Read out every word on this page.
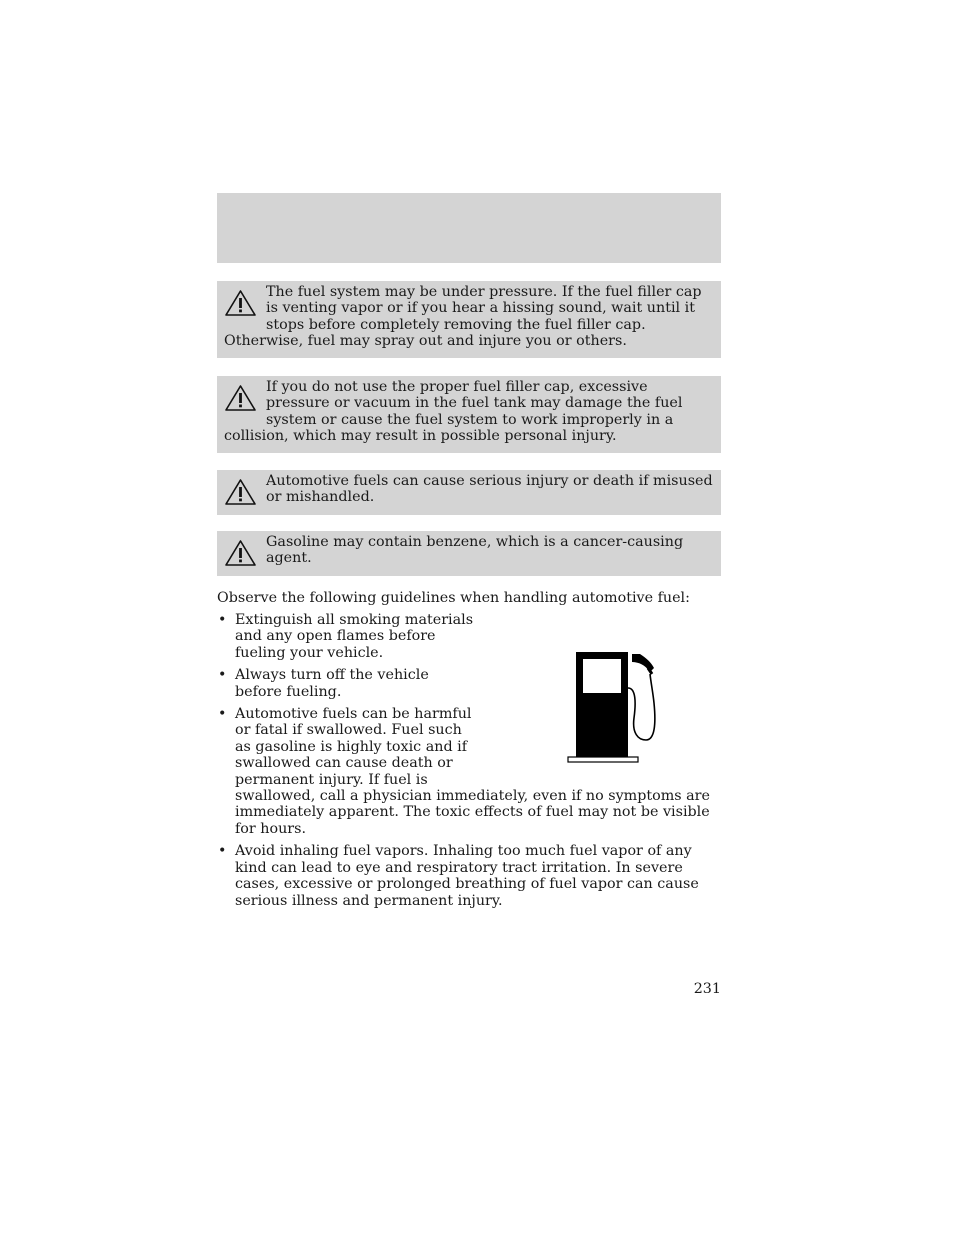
The fuel system may be under pressure. If the fuel filler cap is venting vapor or if you hear a hissing sound, wait until it stops before completely removing the fuel filler cap. Otherwise, fuel may spray out and injure you or others.

If you do not use the proper fuel filler cap, excessive pressure or vacuum in the fuel tank may damage the fuel system or cause the fuel system to work improperly in a collision, which may result in possible personal injury.

Automotive fuels can cause serious injury or death if misused or mishandled.

Gasoline may contain benzene, which is a cancer-causing agent.

Observe the following guidelines when handling automotive fuel:

• Extinguish all smoking materials and any open flames before fueling your vehicle.
• Always turn off the vehicle before fueling.
• Automotive fuels can be harmful or fatal if swallowed. Fuel such as gasoline is highly toxic and if swallowed can cause death or permanent injury. If fuel is
swallowed, call a physician immediately, even if no symptoms are immediately apparent. The toxic effects of fuel may not be visible for hours.
• Avoid inhaling fuel vapors. Inhaling too much fuel vapor of any kind can lead to eye and respiratory tract irritation. In severe cases, excessive or prolonged breathing of fuel vapor can cause serious illness and permanent injury.
231
